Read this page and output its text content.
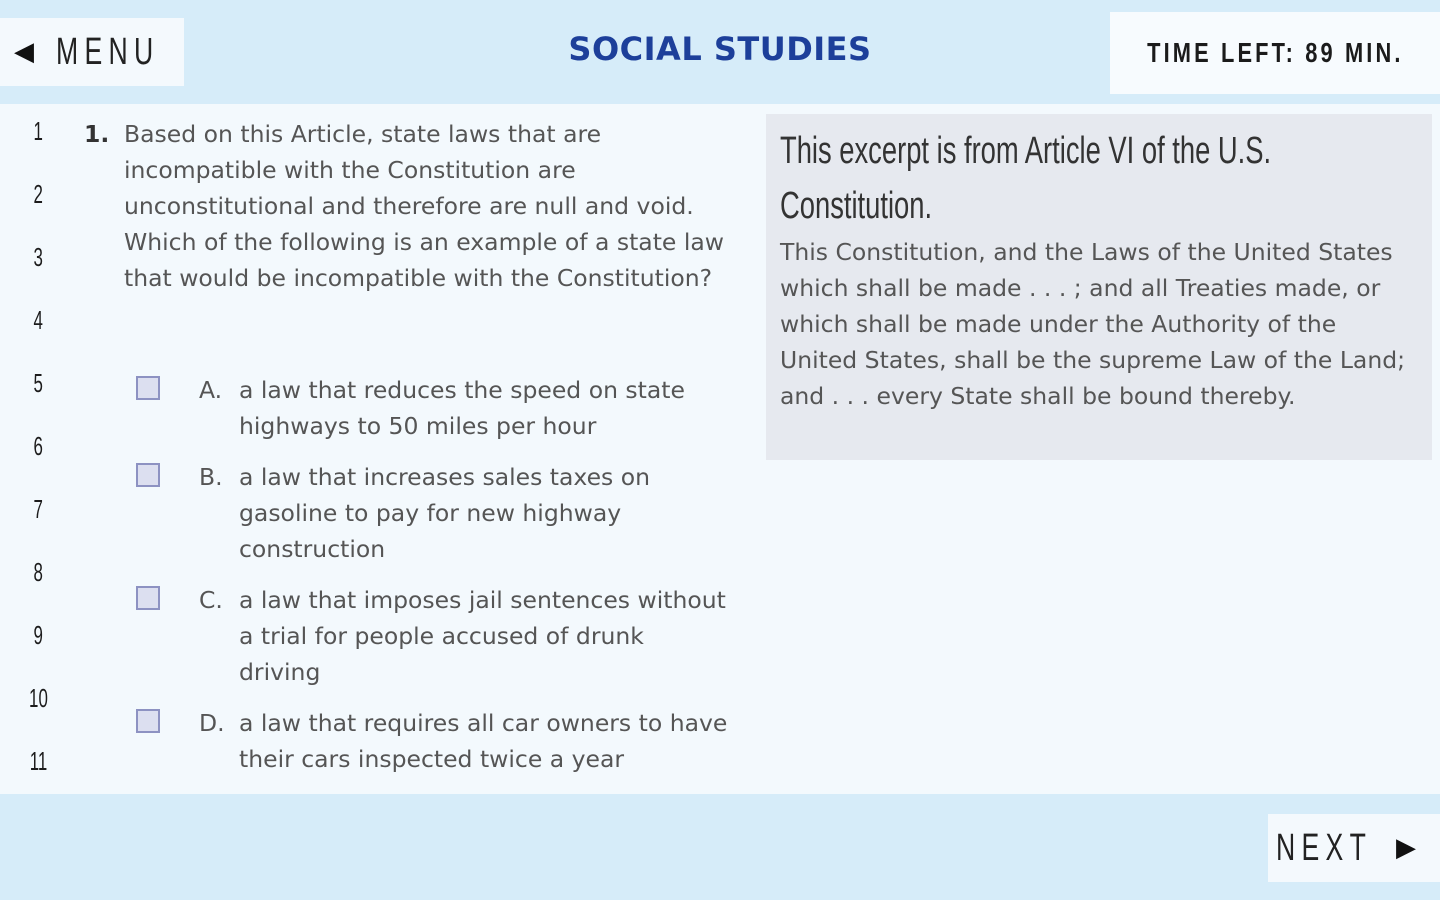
◀ MENU	SOCIAL STUDIES	TIME LEFT: 89 MIN.
1
2
3
4
5
6
7
8
9
10
11
1. Based on this Article, state laws that are incompatible with the Constitution are unconstitutional and therefore are null and void. Which of the following is an example of a state law that would be incompatible with the Constitution?
A. a law that reduces the speed on state highways to 50 miles per hour
B. a law that increases sales taxes on gasoline to pay for new highway construction
C. a law that imposes jail sentences without a trial for people accused of drunk driving
D. a law that requires all car owners to have their cars inspected twice a year
This excerpt is from Article VI of the U.S. Constitution.
This Constitution, and the Laws of the United States which shall be made . . . ; and all Treaties made, or which shall be made under the Authority of the United States, shall be the supreme Law of the Land; and . . . every State shall be bound thereby.
NEXT ▶
